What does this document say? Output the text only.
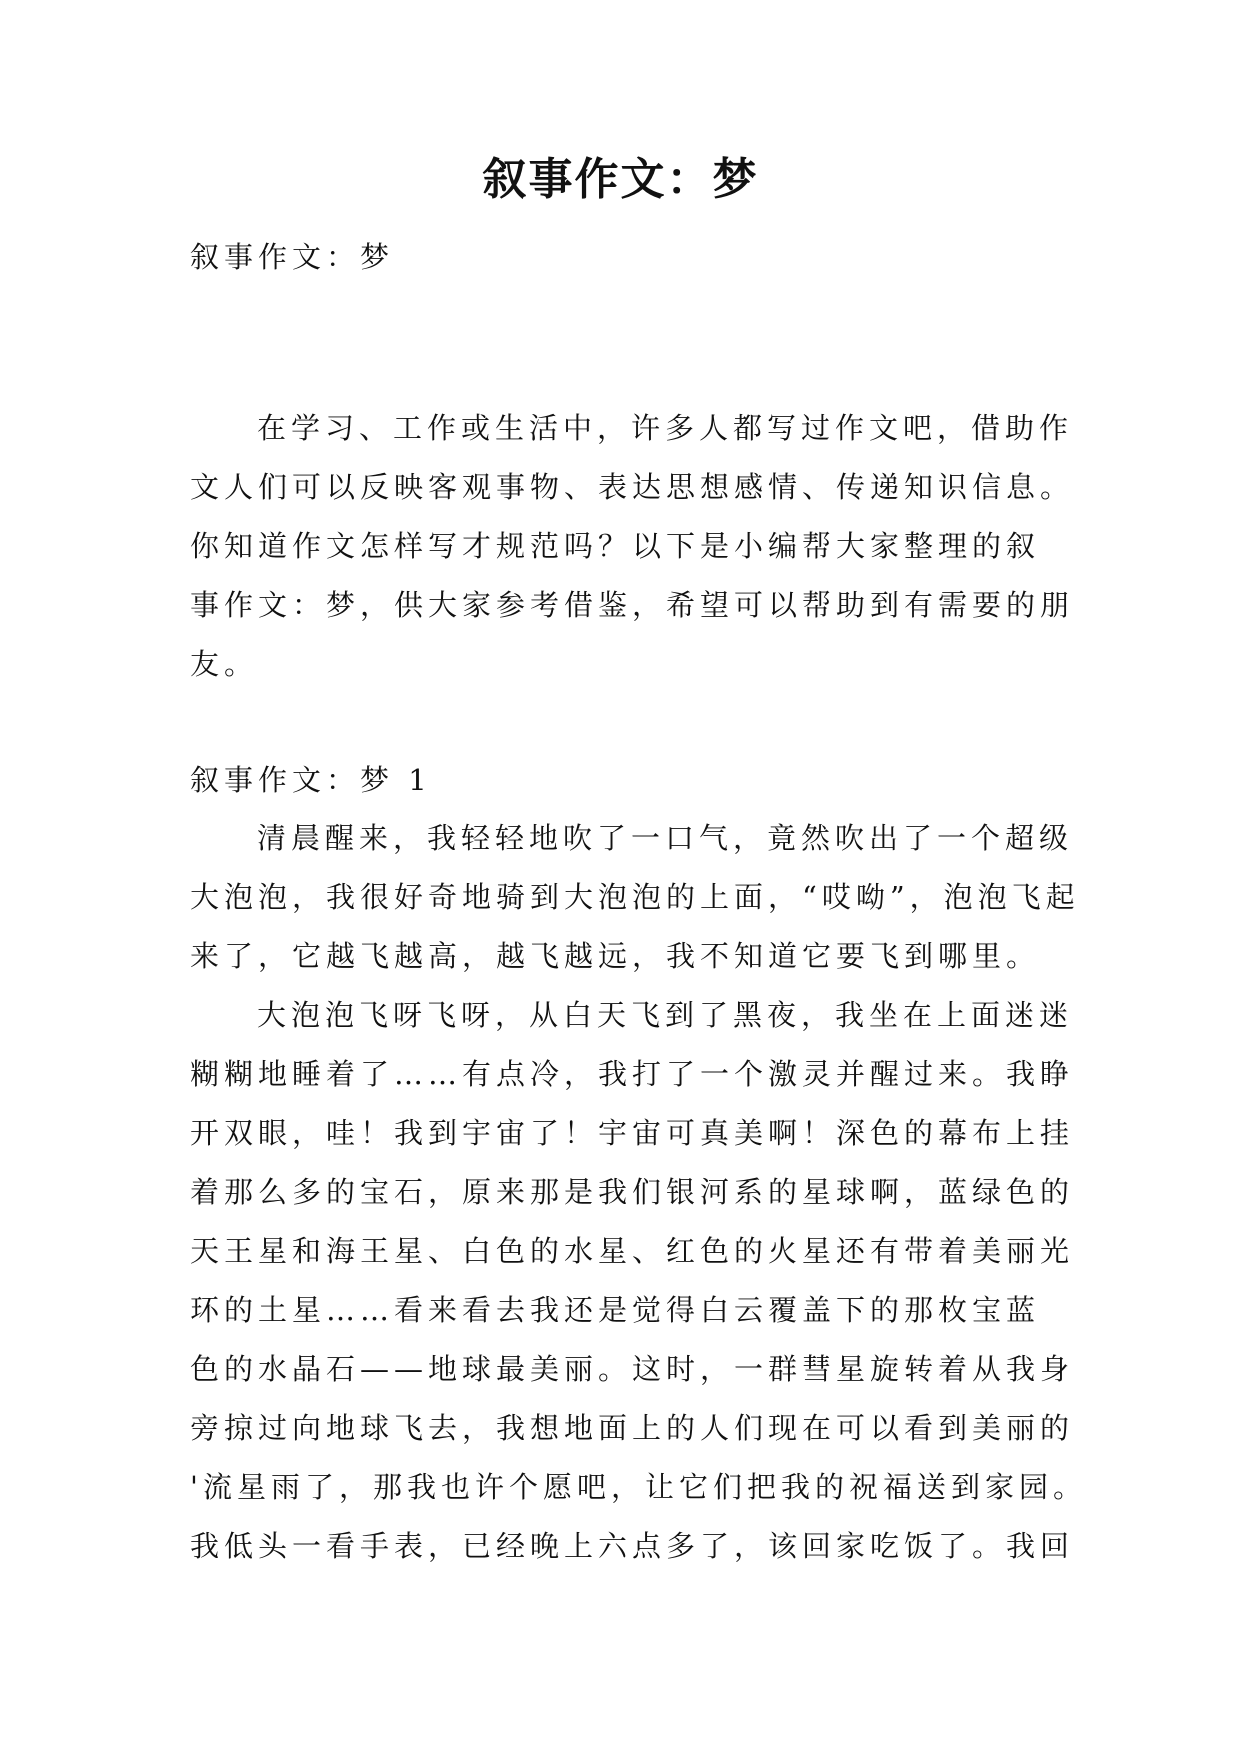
叙事作文：梦

叙事作文：梦

在学习、工作或生活中，许多人都写过作文吧，借助作

文人们可以反映客观事物、表达思想感情、传递知识信息。

你知道作文怎样写才规范吗？以下是小编帮大家整理的叙

事作文：梦，供大家参考借鉴，希望可以帮助到有需要的朋

友。

叙事作文：梦 1

清晨醒来，我轻轻地吹了一口气，竟然吹出了一个超级

大泡泡，我很好奇地骑到大泡泡的上面，“哎呦”，泡泡飞起

来了，它越飞越高，越飞越远，我不知道它要飞到哪里。

大泡泡飞呀飞呀，从白天飞到了黑夜，我坐在上面迷迷

糊糊地睡着了……有点冷，我打了一个激灵并醒过来。我睁

开双眼，哇！我到宇宙了！宇宙可真美啊！深色的幕布上挂

着那么多的宝石，原来那是我们银河系的星球啊，蓝绿色的

天王星和海王星、白色的水星、红色的火星还有带着美丽光

环的土星……看来看去我还是觉得白云覆盖下的那枚宝蓝

色的水晶石——地球最美丽。这时，一群彗星旋转着从我身

旁掠过向地球飞去，我想地面上的人们现在可以看到美丽的

'流星雨了，那我也许个愿吧，让它们把我的祝福送到家园。

我低头一看手表，已经晚上六点多了，该回家吃饭了。我回
